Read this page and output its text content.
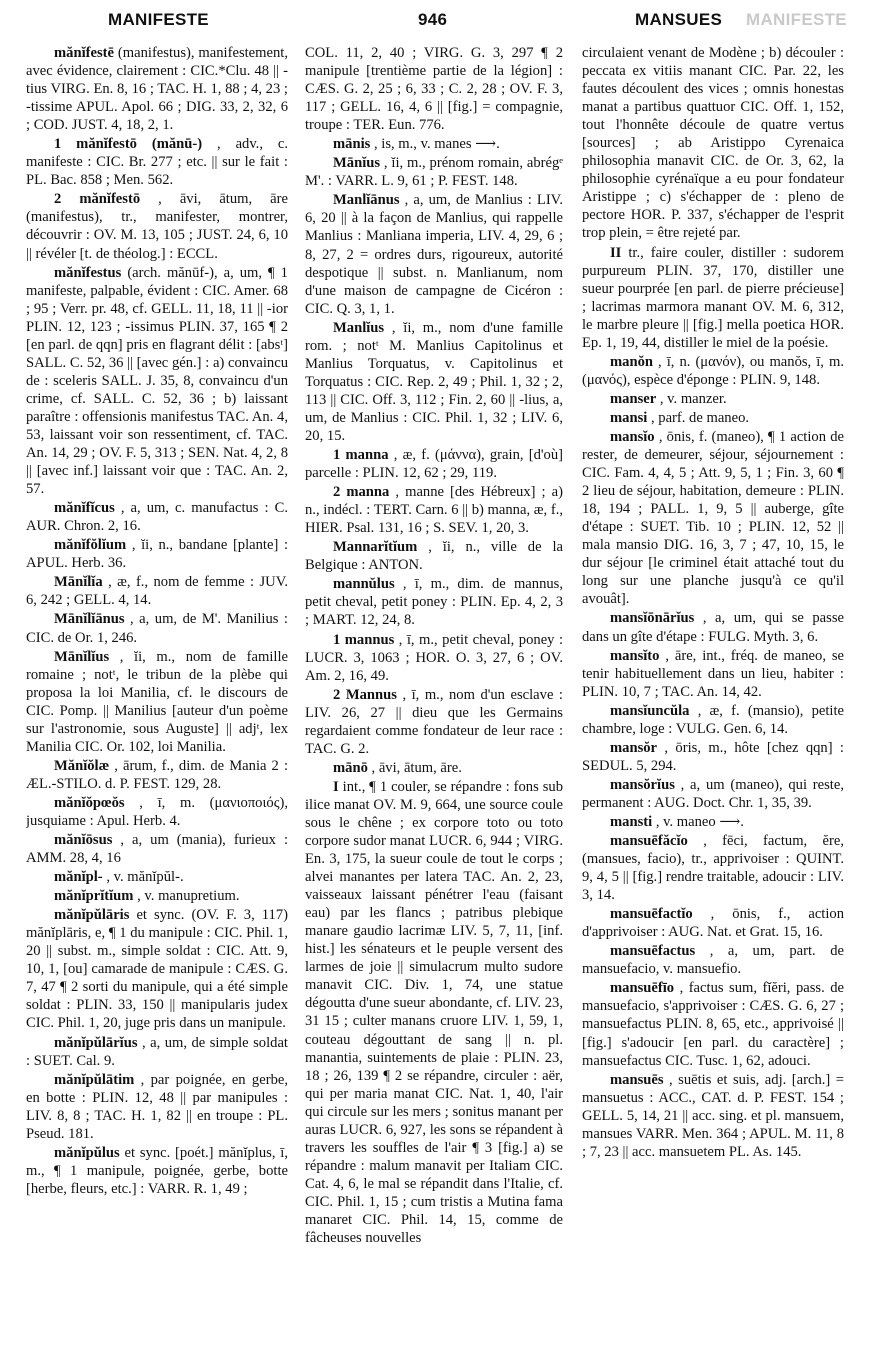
MANIFESTE	946	MANSUES MANIFESTE

mănĭfestē (manifestus), manifestement, avec évidence, clairement : CIC.*Clu. 48 || -tius VIRG. En. 8, 16 ; TAC. H. 1, 88 ; 4, 23 ; -tissime APUL. Apol. 66 ; DIG. 33, 2, 32, 6 ; COD. JUST. 4, 18, 2, 1.

1 mănĭfestō (mănū-) , adv., c. manifeste : CIC. Br. 277 ; etc. || sur le fait : PL. Bac. 858 ; Men. 562.

2 mănĭfestō , āvi, ātum, āre (manifestus), tr., manifester, montrer, découvrir : OV. M. 13, 105 ; JUST. 24, 6, 10 || révéler [t. de théolog.] : ECCL.

mănĭfestus (arch. mănūf-), a, um, ¶ 1 manifeste, palpable, évident : CIC. Amer. 68 ; 95 ; Verr. pr. 48, cf. GELL. 11, 18, 11 || -ior PLIN. 12, 123 ; -issimus PLIN. 37, 165 ¶ 2 [en parl. de qqn] pris en flagrant délit : [absᵗ] SALL. C. 52, 36 || [avec gén.] : a) convaincu de : sceleris SALL. J. 35, 8, convaincu d'un crime, cf. SALL. C. 52, 36 ; b) laissant paraître : offensionis manifestus TAC. An. 4, 53, laissant voir son ressentiment, cf. TAC. An. 14, 29 ; OV. F. 5, 313 ; SEN. Nat. 4, 2, 8 || [avec inf.] laissant voir que : TAC. An. 2, 57.

mănĭfĭcus , a, um, c. manufactus : C. AUR. Chron. 2, 16.

mănĭfŏlĭum , ĭi, n., bandane [plante] : APUL. Herb. 36.

Mānĭlĭa , æ, f., nom de femme : JUV. 6, 242 ; GELL. 4, 14.

Mānĭlĭānus , a, um, de M'. Manilius : CIC. de Or. 1, 246.

Mānĭlĭus , ĭi, m., nom de famille romaine ; notᵗ, le tribun de la plèbe qui proposa la loi Manilia, cf. le discours de CIC. Pomp. || Manilius [auteur d'un poème sur l'astronomie, sous Auguste] || adjᵗ, lex Manilia CIC. Or. 102, loi Manilia.

Mănĭŏlæ , ārum, f., dim. de Mania 2 : ÆL.-STILO. d. P. FEST. 129, 28.

mănĭŏpœŏs , ī, m. (μανιοποιός), jusquiame : Apul. Herb. 4.

mănĭōsus , a, um (mania), furieux : AMM. 28, 4, 16

mănĭpl- , v. mănĭpŭl-.

mănĭprĭtĭum , v. manupretium.

mănĭpŭlāris et sync. (OV. F. 3, 117) mănĭplāris, e, ¶ 1 du manipule : CIC. Phil. 1, 20 || subst. m., simple soldat : CIC. Att. 9, 10, 1, [ou] camarade de manipule : CÆS. G. 7, 47 ¶ 2 sorti du manipule, qui a été simple soldat : PLIN. 33, 150 || manipularis judex CIC. Phil. 1, 20, juge pris dans un manipule.

mănĭpŭlārĭus , a, um, de simple soldat : SUET. Cal. 9.

mănĭpŭlātim , par poignée, en gerbe, en botte : PLIN. 12, 48 || par manipules : LIV. 8, 8 ; TAC. H. 1, 82 || en troupe : PL. Pseud. 181.

mănĭpŭlus et sync. [poét.] mănĭplus, ī, m., ¶ 1 manipule, poignée, gerbe, botte [herbe, fleurs, etc.] : VARR. R. 1, 49 ;

COL. 11, 2, 40 ; VIRG. G. 3, 297 ¶ 2 manipule [trentième partie de la légion] : CÆS. G. 2, 25 ; 6, 33 ; C. 2, 28 ; OV. F. 3, 117 ; GELL. 16, 4, 6 || [fig.] = compagnie, troupe : TER. Eun. 776.

mānis , is, m., v. manes ⟶.

Mānĭus , ĭi, m., prénom romain, abrégᵉ M'. : VARR. L. 9, 61 ; P. FEST. 148.

Manlĭānus , a, um, de Manlius : LIV. 6, 20 || à la façon de Manlius, qui rappelle Manlius : Manliana imperia, LIV. 4, 29, 6 ; 8, 27, 2 = ordres durs, rigoureux, autorité despotique || subst. n. Manlianum, nom d'une maison de campagne de Cicéron : CIC. Q. 3, 1, 1.

Manlĭus , ĭi, m., nom d'une famille rom. ; notᵗ M. Manlius Capitolinus et Manlius Torquatus, v. Capitolinus et Torquatus : CIC. Rep. 2, 49 ; Phil. 1, 32 ; 2, 113 || CIC. Off. 3, 112 ; Fin. 2, 60 || -lius, a, um, de Manlius : CIC. Phil. 1, 32 ; LIV. 6, 20, 15.

1 manna , æ, f. (μάννα), grain, [d'où] parcelle : PLIN. 12, 62 ; 29, 119.

2 manna , manne [des Hébreux] ; a) n., indécl. : TERT. Carn. 6 || b) manna, æ, f., HIER. Psal. 131, 16 ; S. SEV. 1, 20, 3.

Mannarĭtĭum , ĭi, n., ville de la Belgique : ANTON.

mannŭlus , ī, m., dim. de mannus, petit cheval, petit poney : PLIN. Ep. 4, 2, 3 ; MART. 12, 24, 8.

1 mannus , ī, m., petit cheval, poney : LUCR. 3, 1063 ; HOR. O. 3, 27, 6 ; OV. Am. 2, 16, 49.

2 Mannus , ī, m., nom d'un esclave : LIV. 26, 27 || dieu que les Germains regardaient comme fondateur de leur race : TAC. G. 2.

mānō , āvi, ātum, āre.

I int., ¶ 1 couler, se répandre : fons sub ilice manat OV. M. 9, 664, une source coule sous le chêne ; ex corpore toto ou toto corpore sudor manat LUCR. 6, 944 ; VIRG. En. 3, 175, la sueur coule de tout le corps ; alvei manantes per latera TAC. An. 2, 23, vaisseaux laissant pénétrer l'eau (faisant eau) par les flancs ; patribus plebique manare gaudio lacrimæ LIV. 5, 7, 11, [inf. hist.] les sénateurs et le peuple versent des larmes de joie || simulacrum multo sudore manavit CIC. Div. 1, 74, une statue dégoutta d'une sueur abondante, cf. LIV. 23, 31 15 ; culter manans cruore LIV. 1, 59, 1, couteau dégouttant de sang || n. pl. manantia, suintements de plaie : PLIN. 23, 18 ; 26, 139 ¶ 2 se répandre, circuler : aër, qui per maria manat CIC. Nat. 1, 40, l'air qui circule sur les mers ; sonitus manant per auras LUCR. 6, 927, les sons se répandent à travers les souffles de l'air ¶ 3 [fig.] a) se répandre : malum manavit per Italiam CIC. Cat. 4, 6, le mal se répandit dans l'Italie, cf. CIC. Phil. 1, 15 ; cum tristis a Mutina fama manaret CIC. Phil. 14, 15, comme de fâcheuses nouvelles

circulaient venant de Modène ; b) découler : peccata ex vitiis manant CIC. Par. 22, les fautes découlent des vices ; omnis honestas manat a partibus quattuor CIC. Off. 1, 152, tout l'honnête découle de quatre vertus [sources] ; ab Aristippo Cyrenaica philosophia manavit CIC. de Or. 3, 62, la philosophie cyrénaïque a eu pour fondateur Aristippe ; c) s'échapper de : pleno de pectore HOR. P. 337, s'échapper de l'esprit trop plein, = être rejeté par.

II tr., faire couler, distiller : sudorem purpureum PLIN. 37, 170, distiller une sueur pourprée [en parl. de pierre précieuse] ; lacrimas marmora manant OV. M. 6, 312, le marbre pleure || [fig.] mella poetica HOR. Ep. 1, 19, 44, distiller le miel de la poésie.

manŏn , ī, n. (μανόν), ou manŏs, ī, m. (μανός), espèce d'éponge : PLIN. 9, 148.

manser , v. manzer.

mansi , parf. de maneo.

mansĭo , ōnis, f. (maneo), ¶ 1 action de rester, de demeurer, séjour, séjournement : CIC. Fam. 4, 4, 5 ; Att. 9, 5, 1 ; Fin. 3, 60 ¶ 2 lieu de séjour, habitation, demeure : PLIN. 18, 194 ; PALL. 1, 9, 5 || auberge, gîte d'étape : SUET. Tib. 10 ; PLIN. 12, 52 || mala mansio DIG. 16, 3, 7 ; 47, 10, 15, le dur séjour [le criminel était attaché tout du long sur une planche jusqu'à ce qu'il avouât].

mansĭōnārĭus , a, um, qui se passe dans un gîte d'étape : FULG. Myth. 3, 6.

mansĭto , āre, int., fréq. de maneo, se tenir habituellement dans un lieu, habiter : PLIN. 10, 7 ; TAC. An. 14, 42.

mansĭuncŭla , æ, f. (mansio), petite chambre, loge : VULG. Gen. 6, 14.

mansŏr , ōris, m., hôte [chez qqn] : SEDUL. 5, 294.

mansŏrĭus , a, um (maneo), qui reste, permanent : AUG. Doct. Chr. 1, 35, 39.

mansti , v. maneo ⟶.

mansuēfăcĭo , fēci, factum, ĕre, (mansues, facio), tr., apprivoiser : QUINT. 9, 4, 5 || [fig.] rendre traitable, adoucir : LIV. 3, 14.

mansuēfactĭo , ōnis, f., action d'apprivoiser : AUG. Nat. et Grat. 15, 16.

mansuēfactus , a, um, part. de mansuefacio, v. mansuefio.

mansuēfīo , factus sum, fĭĕri, pass. de mansuefacio, s'apprivoiser : CÆS. G. 6, 27 ; mansuefactus PLIN. 8, 65, etc., apprivoisé || [fig.] s'adoucir [en parl. du caractère] ; mansuefactus CIC. Tusc. 1, 62, adouci.

mansuēs , suētis et suis, adj. [arch.] = mansuetus : ACC., CAT. d. P. FEST. 154 ; GELL. 5, 14, 21 || acc. sing. et pl. mansuem, mansues VARR. Men. 364 ; APUL. M. 11, 8 ; 7, 23 || acc. mansuetem PL. As. 145.
